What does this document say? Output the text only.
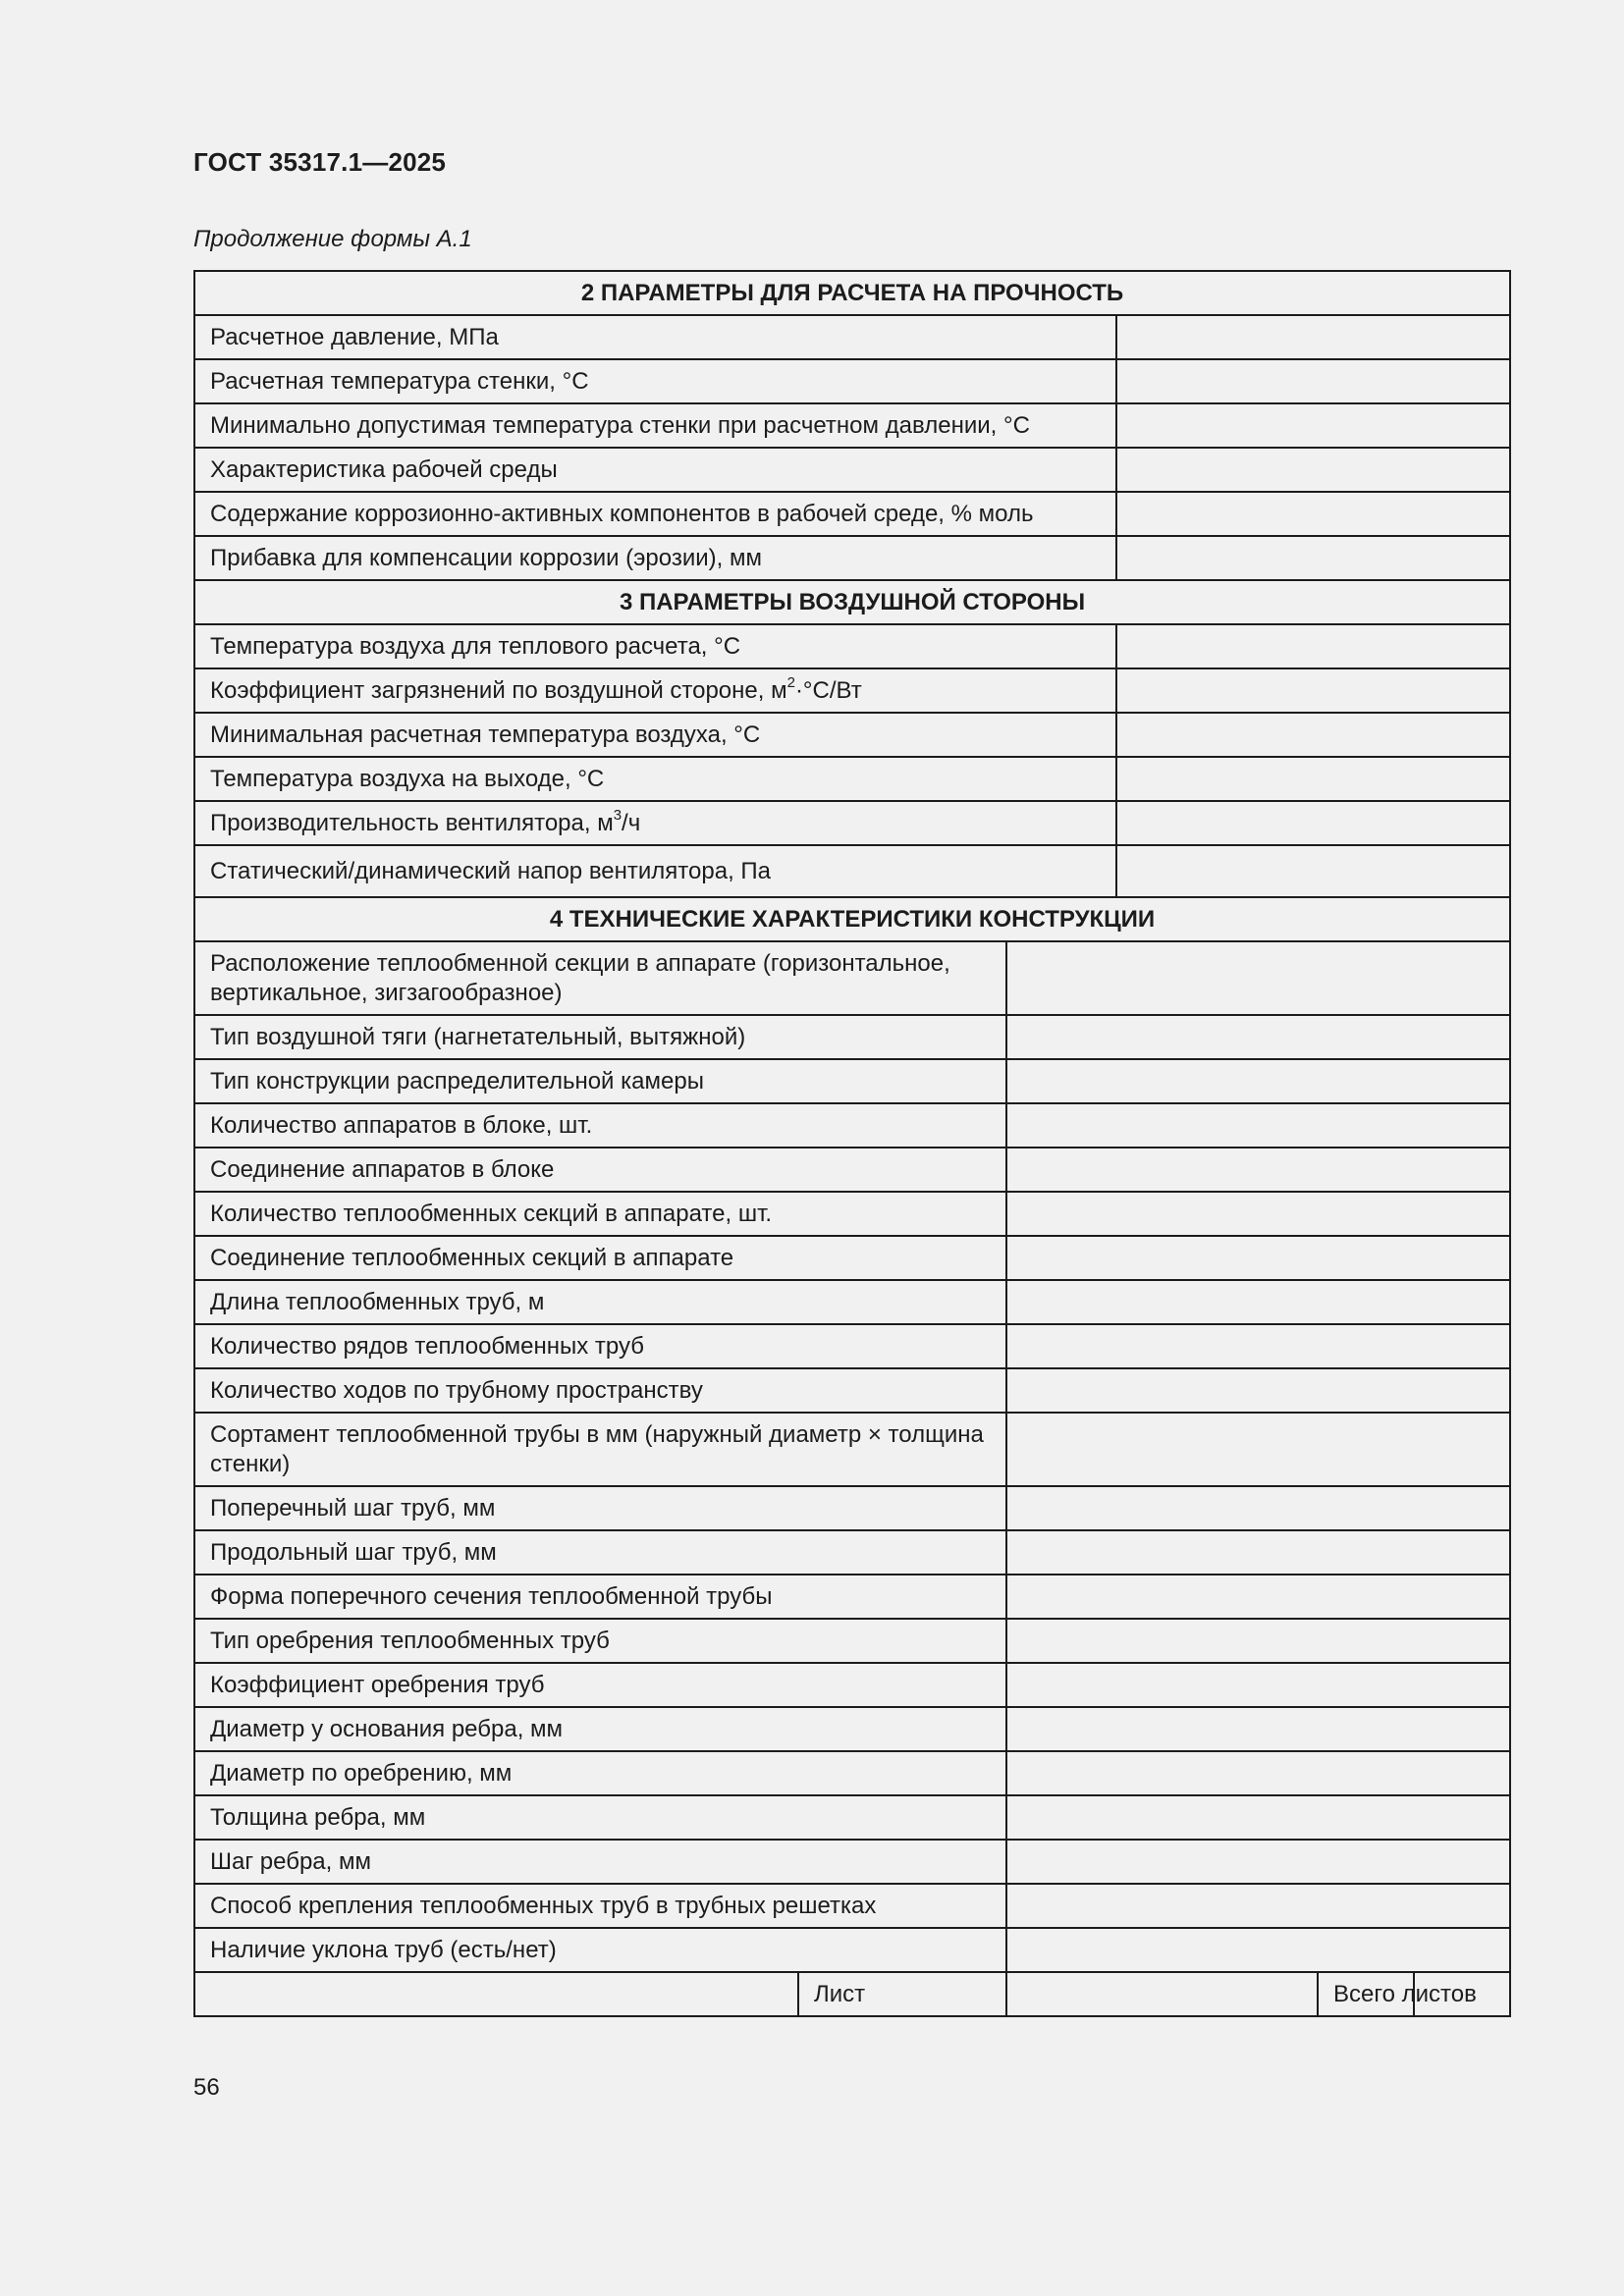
ГОСТ 35317.1—2025
Продолжение формы А.1
2 ПАРАМЕТРЫ ДЛЯ РАСЧЕТА НА ПРОЧНОСТЬ					
Расчетное давление, МПа					
Расчетная температура стенки, °С					
Минимально допустимая температура стенки при расчетном давлении, °С					
Характеристика рабочей среды					
Содержание коррозионно-активных компонентов в рабочей среде, % моль					
Прибавка для компенсации коррозии (эрозии), мм					
3 ПАРАМЕТРЫ ВОЗДУШНОЙ СТОРОНЫ					
Температура воздуха для теплового расчета, °С					
Коэффициент загрязнений по воздушной стороне, $м^2\cdot^\circ С/Вт$					
Минимальная расчетная температура воздуха, °С					
Температура воздуха на выходе, °С					
Производительность вентилятора, $м^3/ч$					
Статический/динамический напор вентилятора, Па					
4 ТЕХНИЧЕСКИЕ ХАРАКТЕРИСТИКИ КОНСТРУКЦИИ					
Расположение теплообменной секции в аппарате (горизонтальное, вертикальное, зигзагообразное)					
Тип воздушной тяги (нагнетательный, вытяжной)					
Тип конструкции распределительной камеры					
Количество аппаратов в блоке, шт.					
Соединение аппаратов в блоке					
Количество теплообменных секций в аппарате, шт.					
Соединение теплообменных секций в аппарате					
Длина теплообменных труб, м					
Количество рядов теплообменных труб					
Количество ходов по трубному пространству					
Сортамент теплообменной трубы в мм (наружный диаметр × толщина стенки)					
Поперечный шаг труб, мм					
Продольный шаг труб, мм					
Форма поперечного сечения теплообменной трубы					
Тип оребрения теплообменных труб					
Коэффициент оребрения труб					
Диаметр у основания ребра, мм					
Диаметр по оребрению, мм					
Толщина ребра, мм					
Шаг ребра, мм					
Способ крепления теплообменных труб в трубных решетках					
Наличие уклона труб (есть/нет)					
	Лист			Всего листов	
56
